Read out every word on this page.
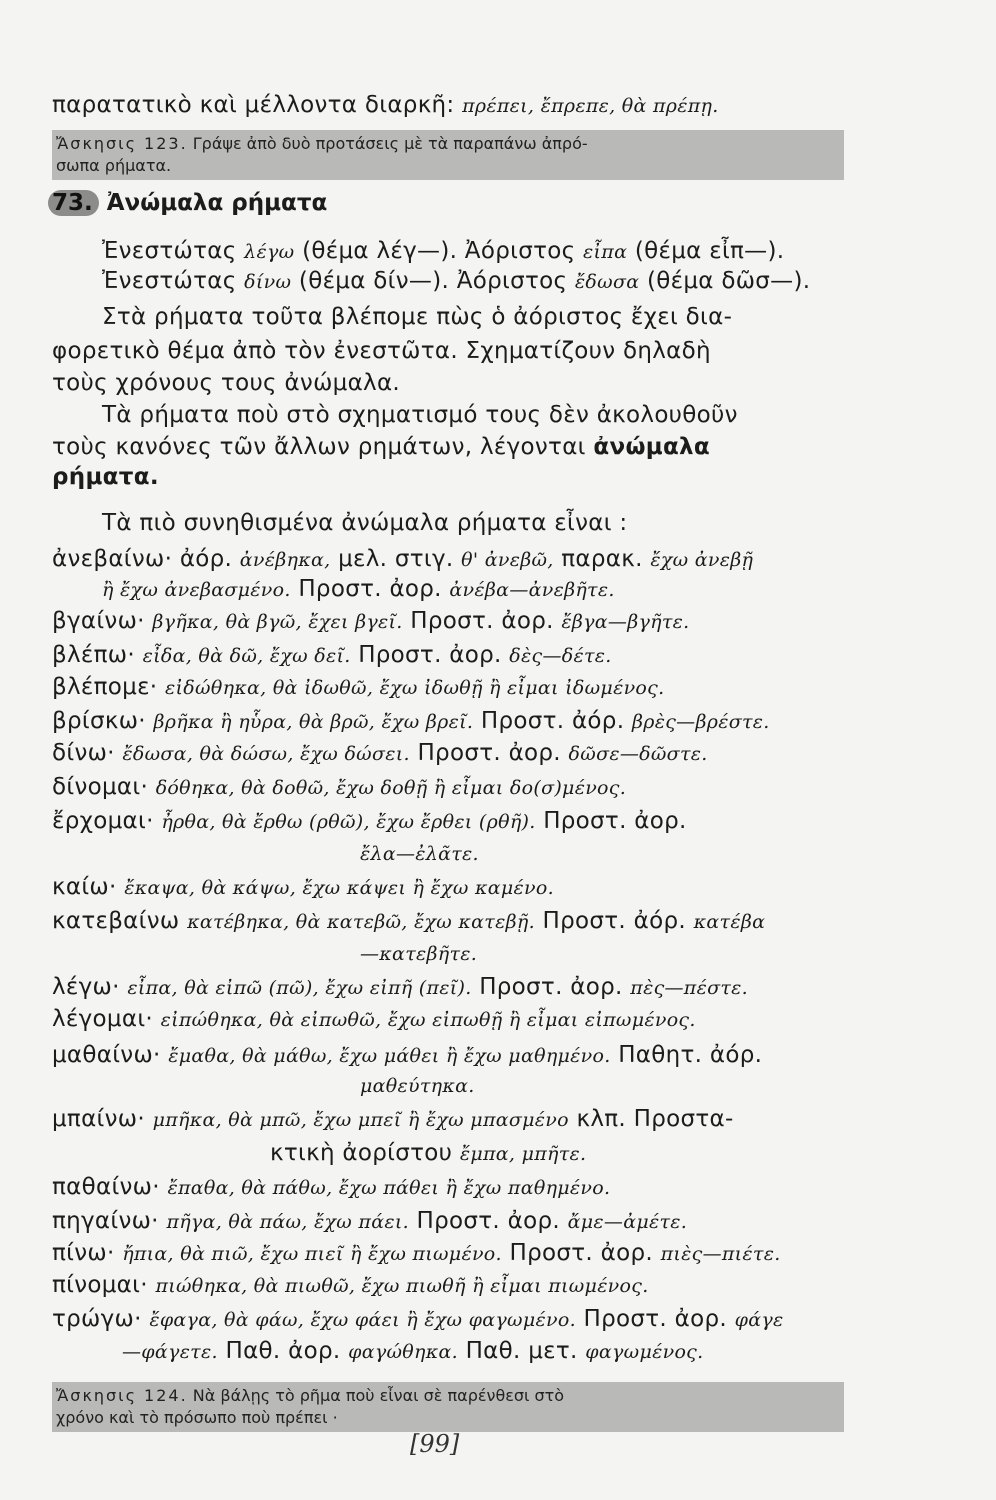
παρατατικὸ καὶ μέλλοντα διαρκῆ: πρέπει, ἔπρεπε, θὰ πρέπῃ.
Ἄσκησις 123. Γράψε ἀπὸ δυὸ προτάσεις μὲ τὰ παραπάνω ἀπρό-
σωπα ρήματα.
73. Ἀνώμαλα ρήματα
Ἐνεστώτας λέγω (θέμα λέγ—). Ἀόριστος εἶπα (θέμα εἶπ—).
Ἐνεστώτας δίνω (θέμα δίν—). Ἀόριστος ἔδωσα (θέμα δῶσ—).
Στὰ ρήματα τοῦτα βλέπομε πὼς ὁ ἀόριστος ἔχει δια-
φορετικὸ θέμα ἀπὸ τὸν ἐνεστῶτα. Σχηματίζουν δηλαδὴ
τοὺς χρόνους τους ἀνώμαλα.
Τὰ ρήματα ποὺ στὸ σχηματισμό τους δὲν ἀκολουθοῦν
τοὺς κανόνες τῶν ἄλλων ρημάτων, λέγονται ἀνώμαλα
ρήματα.
Τὰ πιὸ συνηθισμένα ἀνώμαλα ρήματα εἶναι :
ἀνεβαίνω· ἀόρ. ἀνέβηκα, μελ. στιγ. θ' ἀνεβῶ, παρακ. ἔχω ἀνεβῇ
ἢ ἔχω ἀνεβασμένο. Προστ. ἀορ. ἀνέβα—ἀνεβῆτε.
βγαίνω· βγῆκα, θὰ βγῶ, ἔχει βγεῖ. Προστ. ἀορ. ἔβγα—βγῆτε.
βλέπω· εἶδα, θὰ δῶ, ἔχω δεῖ. Προστ. ἀορ. δὲς—δέτε.
βλέπομε· εἰδώθηκα, θὰ ἰδωθῶ, ἔχω ἰδωθῇ ἢ εἶμαι ἰδωμένος.
βρίσκω· βρῆκα ἢ ηὗρα, θὰ βρῶ, ἔχω βρεῖ. Προστ. ἀόρ. βρὲς—βρέστε.
δίνω· ἔδωσα, θὰ δώσω, ἔχω δώσει. Προστ. ἀορ. δῶσε—δῶστε.
δίνομαι· δόθηκα, θὰ δοθῶ, ἔχω δοθῇ ἢ εἶμαι δο(σ)μένος.
ἔρχομαι· ἦρθα, θὰ ἔρθω (ρθῶ), ἔχω ἔρθει (ρθῆ). Προστ. ἀορ.
ἔλα—ἐλᾶτε.
καίω· ἔκαψα, θὰ κάψω, ἔχω κάψει ἢ ἔχω καμένο.
κατεβαίνω κατέβηκα, θὰ κατεβῶ, ἔχω κατεβῇ. Προστ. ἀόρ. κατέβα
—κατεβῆτε.
λέγω· εἶπα, θὰ εἰπῶ (πῶ), ἔχω εἰπῆ (πεῖ). Προστ. ἀορ. πὲς—πέστε.
λέγομαι· εἰπώθηκα, θὰ εἰπωθῶ, ἔχω εἰπωθῇ ἢ εἶμαι εἰπωμένος.
μαθαίνω· ἔμαθα, θὰ μάθω, ἔχω μάθει ἢ ἔχω μαθημένο. Παθητ. ἀόρ.
μαθεύτηκα.
μπαίνω· μπῆκα, θὰ μπῶ, ἔχω μπεῖ ἢ ἔχω μπασμένο κλπ. Προστα-
κτικὴ ἀορίστου ἔμπα, μπῆτε.
παθαίνω· ἔπαθα, θὰ πάθω, ἔχω πάθει ἢ ἔχω παθημένο.
πηγαίνω· πῆγα, θὰ πάω, ἔχω πάει. Προστ. ἀορ. ἄμε—ἀμέτε.
πίνω· ἤπια, θὰ πιῶ, ἔχω πιεῖ ἢ ἔχω πιωμένο. Προστ. ἀορ. πιὲς—πιέτε.
πίνομαι· πιώθηκα, θὰ πιωθῶ, ἔχω πιωθῆ ἢ εἶμαι πιωμένος.
τρώγω· ἔφαγα, θὰ φάω, ἔχω φάει ἢ ἔχω φαγωμένο. Προστ. ἀορ. φάγε
—φάγετε. Παθ. ἀορ. φαγώθηκα. Παθ. μετ. φαγωμένος.
Ἄσκησις 124. Νὰ βάλῃς τὸ ρῆμα ποὺ εἶναι σὲ παρένθεσι στὸ
χρόνο καὶ τὸ πρόσωπο ποὺ πρέπει ·
[99]
